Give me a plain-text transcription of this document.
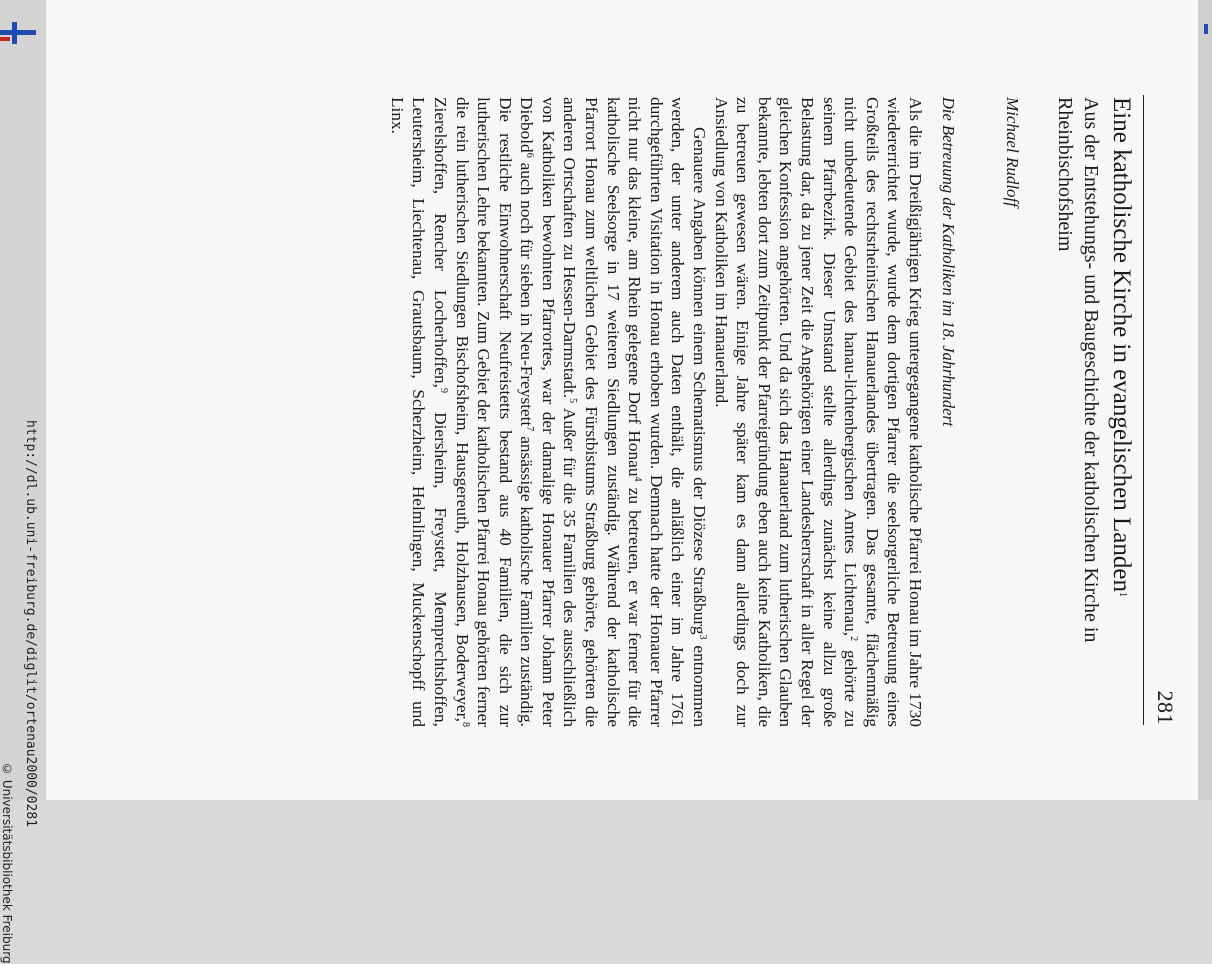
http://dl.ub.uni-freiburg.de/diglit/ortenau2000/0281
© Universitätsbibliothek Freiburg
281
Eine katholische Kirche in evangelischen Landen$^1$
Aus der Entstehungs- und Baugeschichte der katholischen Kirche in Rheinbischofsheim

Michael Rudloff

Die Betreuung der Katholiken im 18. Jahrhundert

Als die im Dreißigjährigen Krieg untergegangene katholische Pfarrei Honau im Jahre 1730 wiedererrichtet wurde, wurde dem dortigen Pfarrer die seelsorgerliche Betreuung eines Großteils des rechtsrheinischen Hanauerlandes übertragen. Das gesamte, flächenmäßig nicht unbedeutende Gebiet des hanau-lichtenbergischen Amtes Lichtenau,$^2$ gehörte zu seinem Pfarrbezirk. Dieser Umstand stellte allerdings zunächst keine allzu große Belastung dar, da zu jener Zeit die Angehörigen einer Landesherrschaft in aller Regel der gleichen Konfession angehörten. Und da sich das Hanauerland zum lutherischen Glauben bekannte, lebten dort zum Zeitpunkt der Pfarreigründung eben auch keine Katholiken, die zu betreuen gewesen wären. Einige Jahre später kam es dann allerdings doch zur Ansiedlung von Katholiken im Hanauerland.

Genauere Angaben können einem Schematismus der Diözese Straßburg$^3$ entnommen werden, der unter anderem auch Daten enthält, die anläßlich einer im Jahre 1761 durchgeführten Visitation in Honau erhoben wurden. Demnach hatte der Honauer Pfarrer nicht nur das kleine, am Rhein gelegene Dorf Honau$^4$ zu betreuen, er war ferner für die katholische Seelsorge in 17 weiteren Siedlungen zuständig. Während der katholische Pfarrort Honau zum weltlichen Gebiet des Fürstbistums Straßburg gehörte, gehörten die anderen Ortschaften zu Hessen-Darmstadt.$^5$ Außer für die 35 Familien des ausschließlich von Katholiken bewohnten Pfarrortes, war der damalige Honauer Pfarrer Johann Peter Diebold$^6$ auch noch für sieben in Neu-Freystett$^7$ ansässige katholische Familien zuständig. Die restliche Einwohnerschaft Neufreistetts bestand aus 40 Familien, die sich zur lutherischen Lehre bekannten. Zum Gebiet der katholischen Pfarrei Honau gehörten ferner die rein lutherischen Siedlungen Bischofsheim, Hausgereuth, Holzhausen, Boderweyer,$^8$ Zierelshoffen, Rencher Locherhoffen,$^9$ Diersheim, Freystett, Memprechtshoffen, Leutersheim, Liechtenau, Grautsbaum, Scherzheim, Helmlingen, Muckenschopff und Linx.
